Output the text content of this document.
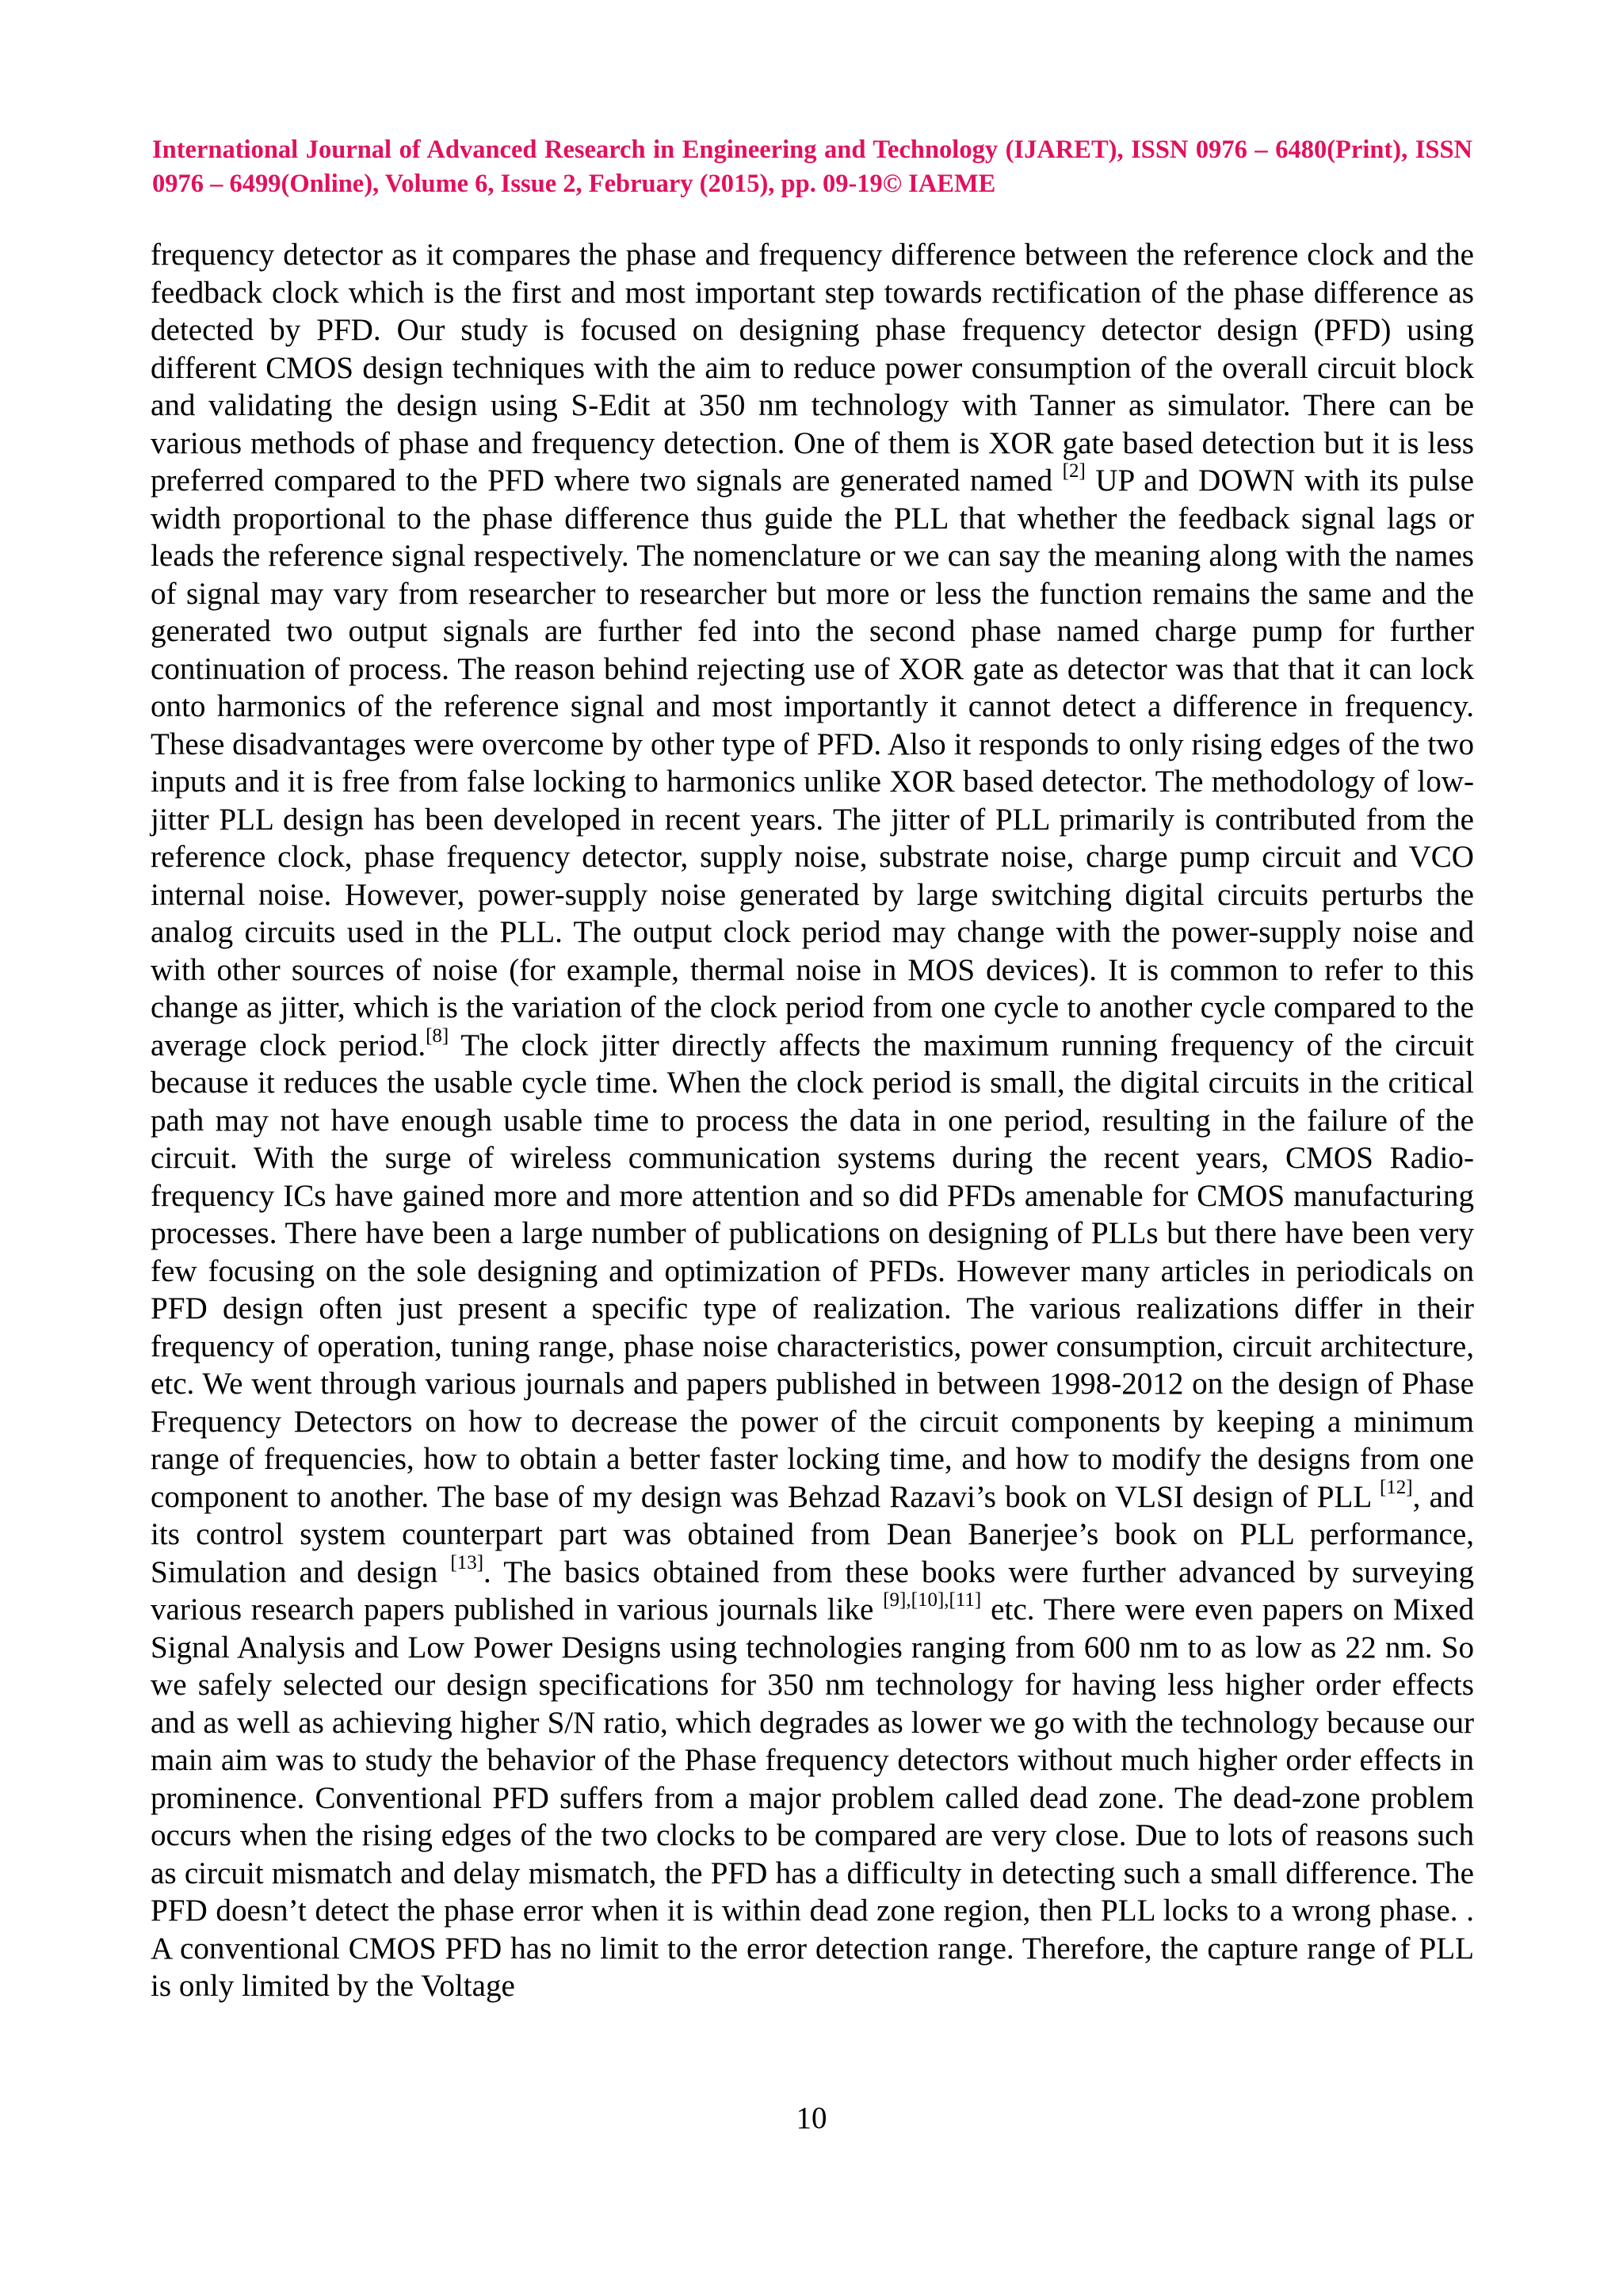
International Journal of Advanced Research in Engineering and Technology (IJARET), ISSN 0976 – 6480(Print), ISSN 0976 – 6499(Online), Volume 6, Issue 2, February (2015), pp. 09-19© IAEME
frequency detector as it compares the phase and frequency difference between the reference clock and the feedback clock which is the first and most important step towards rectification of the phase difference as detected by PFD. Our study is focused on designing phase frequency detector design (PFD) using different CMOS design techniques with the aim to reduce power consumption of the overall circuit block and validating the design using S-Edit at 350 nm technology with Tanner as simulator. There can be various methods of phase and frequency detection. One of them is XOR gate based detection but it is less preferred compared to the PFD where two signals are generated named [2] UP and DOWN with its pulse width proportional to the phase difference thus guide the PLL that whether the feedback signal lags or leads the reference signal respectively. The nomenclature or we can say the meaning along with the names of signal may vary from researcher to researcher but more or less the function remains the same and the generated two output signals are further fed into the second phase named charge pump for further continuation of process. The reason behind rejecting use of XOR gate as detector was that that it can lock onto harmonics of the reference signal and most importantly it cannot detect a difference in frequency. These disadvantages were overcome by other type of PFD. Also it responds to only rising edges of the two inputs and it is free from false locking to harmonics unlike XOR based detector. The methodology of low-jitter PLL design has been developed in recent years. The jitter of PLL primarily is contributed from the reference clock, phase frequency detector, supply noise, substrate noise, charge pump circuit and VCO internal noise. However, power-supply noise generated by large switching digital circuits perturbs the analog circuits used in the PLL. The output clock period may change with the power-supply noise and with other sources of noise (for example, thermal noise in MOS devices). It is common to refer to this change as jitter, which is the variation of the clock period from one cycle to another cycle compared to the average clock period.[8] The clock jitter directly affects the maximum running frequency of the circuit because it reduces the usable cycle time. When the clock period is small, the digital circuits in the critical path may not have enough usable time to process the data in one period, resulting in the failure of the circuit. With the surge of wireless communication systems during the recent years, CMOS Radio-frequency ICs have gained more and more attention and so did PFDs amenable for CMOS manufacturing processes. There have been a large number of publications on designing of PLLs but there have been very few focusing on the sole designing and optimization of PFDs. However many articles in periodicals on PFD design often just present a specific type of realization. The various realizations differ in their frequency of operation, tuning range, phase noise characteristics, power consumption, circuit architecture, etc. We went through various journals and papers published in between 1998-2012 on the design of Phase Frequency Detectors on how to decrease the power of the circuit components by keeping a minimum range of frequencies, how to obtain a better faster locking time, and how to modify the designs from one component to another. The base of my design was Behzad Razavi’s book on VLSI design of PLL [12], and its control system counterpart part was obtained from Dean Banerjee’s book on PLL performance, Simulation and design [13]. The basics obtained from these books were further advanced by surveying various research papers published in various journals like [9],[10],[11] etc. There were even papers on Mixed Signal Analysis and Low Power Designs using technologies ranging from 600 nm to as low as 22 nm. So we safely selected our design specifications for 350 nm technology for having less higher order effects and as well as achieving higher S/N ratio, which degrades as lower we go with the technology because our main aim was to study the behavior of the Phase frequency detectors without much higher order effects in prominence. Conventional PFD suffers from a major problem called dead zone. The dead-zone problem occurs when the rising edges of the two clocks to be compared are very close. Due to lots of reasons such as circuit mismatch and delay mismatch, the PFD has a difficulty in detecting such a small difference. The PFD doesn’t detect the phase error when it is within dead zone region, then PLL locks to a wrong phase. . A conventional CMOS PFD has no limit to the error detection range. Therefore, the capture range of PLL is only limited by the Voltage
10
